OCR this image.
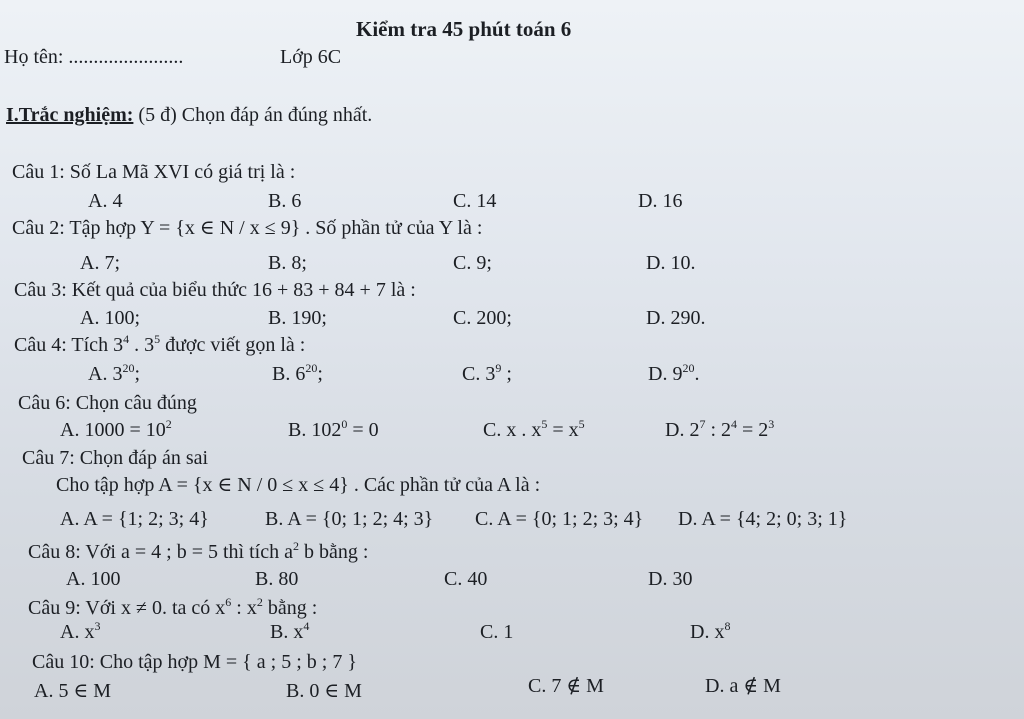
Kiểm tra 45 phút toán 6
Họ tên: .......................	Lớp 6C
I.Trắc nghiệm: (5 đ) Chọn đáp án đúng nhất.
Câu 1: Số La Mã XVI có giá trị là :
A. 4	B. 6	C. 14	D. 16
Câu 2: Tập hợp Y = {x ∈ N / x ≤ 9} . Số phần tử của Y là :
A. 7;	B. 8;	C. 9;	D. 10.
Câu 3: Kết quả của biểu thức 16 + 83 + 84 + 7 là :
A. 100;	B. 190;	C. 200;	D. 290.
Câu 4: Tích $3^4$ . $3^5$ được viết gọn là :
A. $3^{20}$;	B. $6^{20}$;	C. $3^9$ ;	D. $9^{20}$.
Câu 6: Chọn câu đúng
A. $1000 = 10^2$	B. $102^0 = 0$	C. x . $x^5 = x^5$	D. $2^7$ : $2^4 = 2^3$
Câu 7: Chọn đáp án sai
Cho tập hợp A = {x ∈ N / 0 ≤ x ≤ 4} . Các phần tử của A là :
A. A = {1; 2; 3; 4}	B. A = {0; 1; 2; 4; 3} C. A = {0; 1; 2; 3; 4} D. A = {4; 2; 0; 3; 1}
Câu 8: Với a = 4 ; b = 5 thì tích $a^2$ b bằng :
A. 100	B. 80	C. 40	D. 30
Câu 9: Với x ≠ 0. ta có $x^6$ : $x^2$ bằng :
A. $x^3$	B. $x^4$	C. 1	D. $x^8$
Câu 10: Cho tập hợp M = { a ; 5 ; b ; 7 }
A. 5 ∈ M	B. 0 ∈ M	C. 7 ∉ M	D. a ∉ M
